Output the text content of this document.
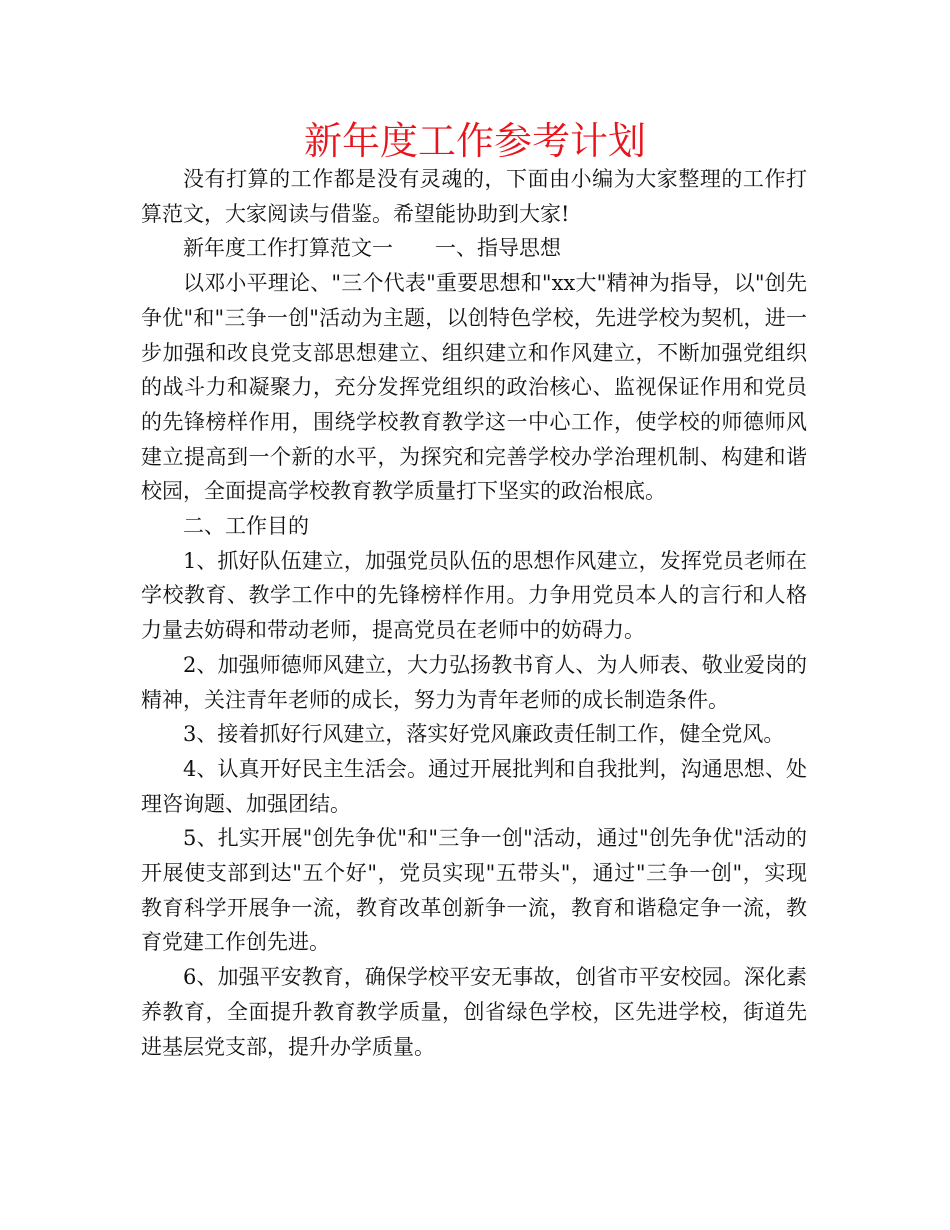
新年度工作参考计划

没有打算的工作都是没有灵魂的，下面由小编为大家整理的工作打算范文，大家阅读与借鉴。希望能协助到大家!

新年度工作打算范文一　　一、指导思想

以邓小平理论、"三个代表"重要思想和"xx大"精神为指导，以"创先争优"和"三争一创"活动为主题，以创特色学校，先进学校为契机，进一步加强和改良党支部思想建立、组织建立和作风建立，不断加强党组织的战斗力和凝聚力，充分发挥党组织的政治核心、监视保证作用和党员的先锋榜样作用，围绕学校教育教学这一中心工作，使学校的师德师风建立提高到一个新的水平，为探究和完善学校办学治理机制、构建和谐校园，全面提高学校教育教学质量打下坚实的政治根底。

二、工作目的

1、抓好队伍建立，加强党员队伍的思想作风建立，发挥党员老师在学校教育、教学工作中的先锋榜样作用。力争用党员本人的言行和人格力量去妨碍和带动老师，提高党员在老师中的妨碍力。

2、加强师德师风建立，大力弘扬教书育人、为人师表、敬业爱岗的精神，关注青年老师的成长，努力为青年老师的成长制造条件。

3、接着抓好行风建立，落实好党风廉政责任制工作，健全党风。

4、认真开好民主生活会。通过开展批判和自我批判，沟通思想、处理咨询题、加强团结。

5、扎实开展"创先争优"和"三争一创"活动，通过"创先争优"活动的开展使支部到达"五个好"，党员实现"五带头"，通过"三争一创"，实现教育科学开展争一流，教育改革创新争一流，教育和谐稳定争一流，教育党建工作创先进。

6、加强平安教育，确保学校平安无事故，创省市平安校园。深化素养教育，全面提升教育教学质量，创省绿色学校，区先进学校，街道先进基层党支部，提升办学质量。
